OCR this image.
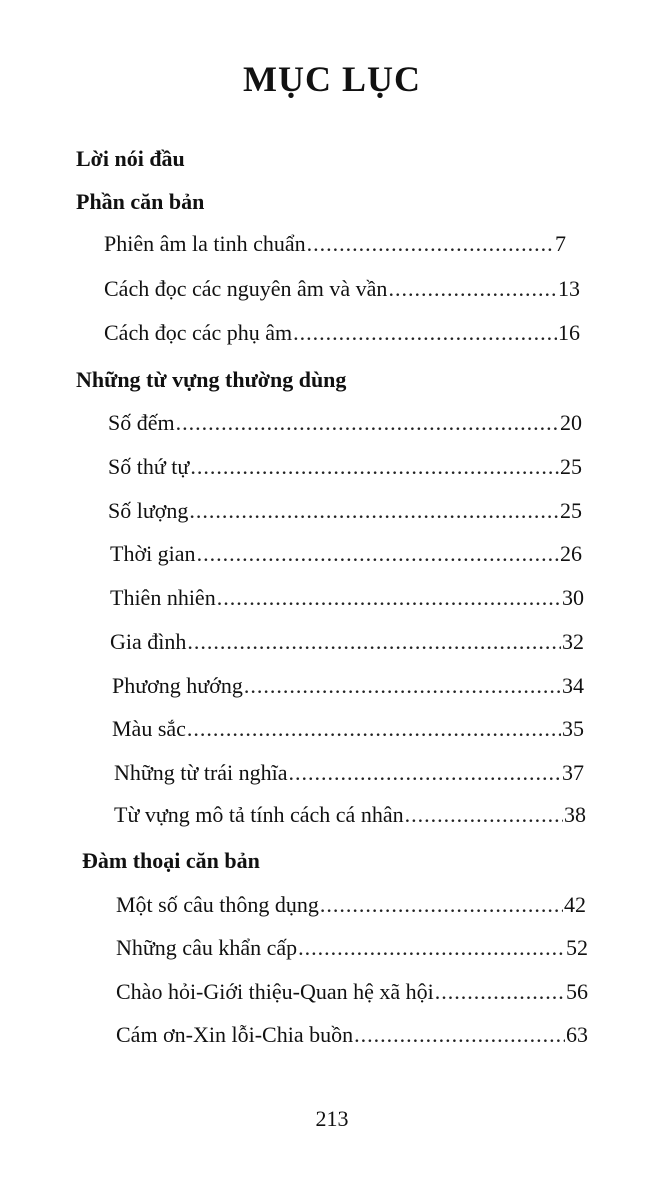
MỤC LỤC
Lời nói đầu
Phần căn bản
Phiên âm la tinh chuẩn .....	7
Cách đọc các nguyên âm và vần .....	13
Cách đọc các phụ âm .....	16
Những từ vựng thường dùng
Số đếm .....	20
Số thứ tự .....	25
Số lượng .....	25
Thời gian .....	26
Thiên nhiên .....	30
Gia đình .....	32
Phương hướng .....	34
Màu sắc .....	35
Những từ trái nghĩa .....	37
Từ vựng mô tả tính cách cá nhân .....	38
Đàm thoại căn bản
Một số câu thông dụng .....	42
Những câu khẩn cấp .....	52
Chào hỏi-Giới thiệu-Quan hệ xã hội .....	56
Cám ơn-Xin lỗi-Chia buồn .....	63
213
